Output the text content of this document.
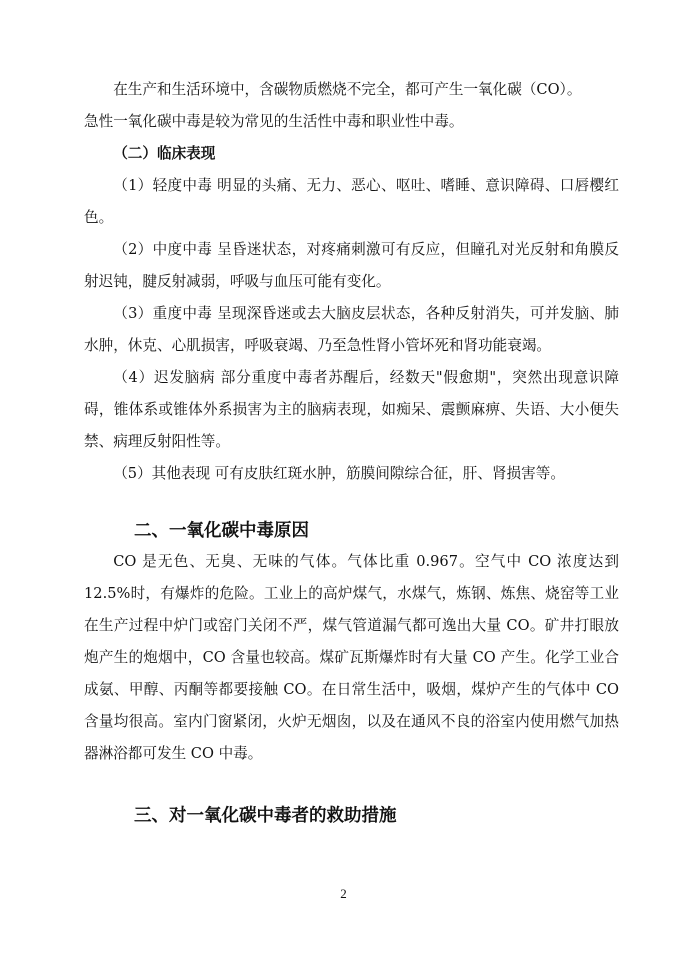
在生产和生活环境中，含碳物质燃烧不完全，都可产生一氧化碳（CO）。
急性一氧化碳中毒是较为常见的生活性中毒和职业性中毒。

（二）临床表现

（1）轻度中毒 明显的头痛、无力、恶心、呕吐、嗜睡、意识障碍、口唇樱红色。

（2）中度中毒 呈昏迷状态，对疼痛刺激可有反应，但瞳孔对光反射和角膜反射迟钝，腱反射减弱，呼吸与血压可能有变化。

（3）重度中毒 呈现深昏迷或去大脑皮层状态，各种反射消失，可并发脑、肺水肿，休克、心肌损害，呼吸衰竭、乃至急性肾小管坏死和肾功能衰竭。

（4）迟发脑病 部分重度中毒者苏醒后，经数天"假愈期"，突然出现意识障碍，锥体系或锥体外系损害为主的脑病表现，如痴呆、震颤麻痹、失语、大小便失禁、病理反射阳性等。

（5）其他表现 可有皮肤红斑水肿，筋膜间隙综合征，肝、肾损害等。

二、一氧化碳中毒原因

CO 是无色、无臭、无味的气体。气体比重 0.967。空气中 CO 浓度达到 12.5%时，有爆炸的危险。工业上的高炉煤气，水煤气，炼钢、炼焦、烧窑等工业在生产过程中炉门或窑门关闭不严，煤气管道漏气都可逸出大量 CO。矿井打眼放炮产生的炮烟中，CO 含量也较高。煤矿瓦斯爆炸时有大量 CO 产生。化学工业合成氨、甲醇、丙酮等都要接触 CO。在日常生活中，吸烟，煤炉产生的气体中 CO 含量均很高。室内门窗紧闭，火炉无烟囱，以及在通风不良的浴室内使用燃气加热器淋浴都可发生 CO 中毒。

三、对一氧化碳中毒者的救助措施
2
